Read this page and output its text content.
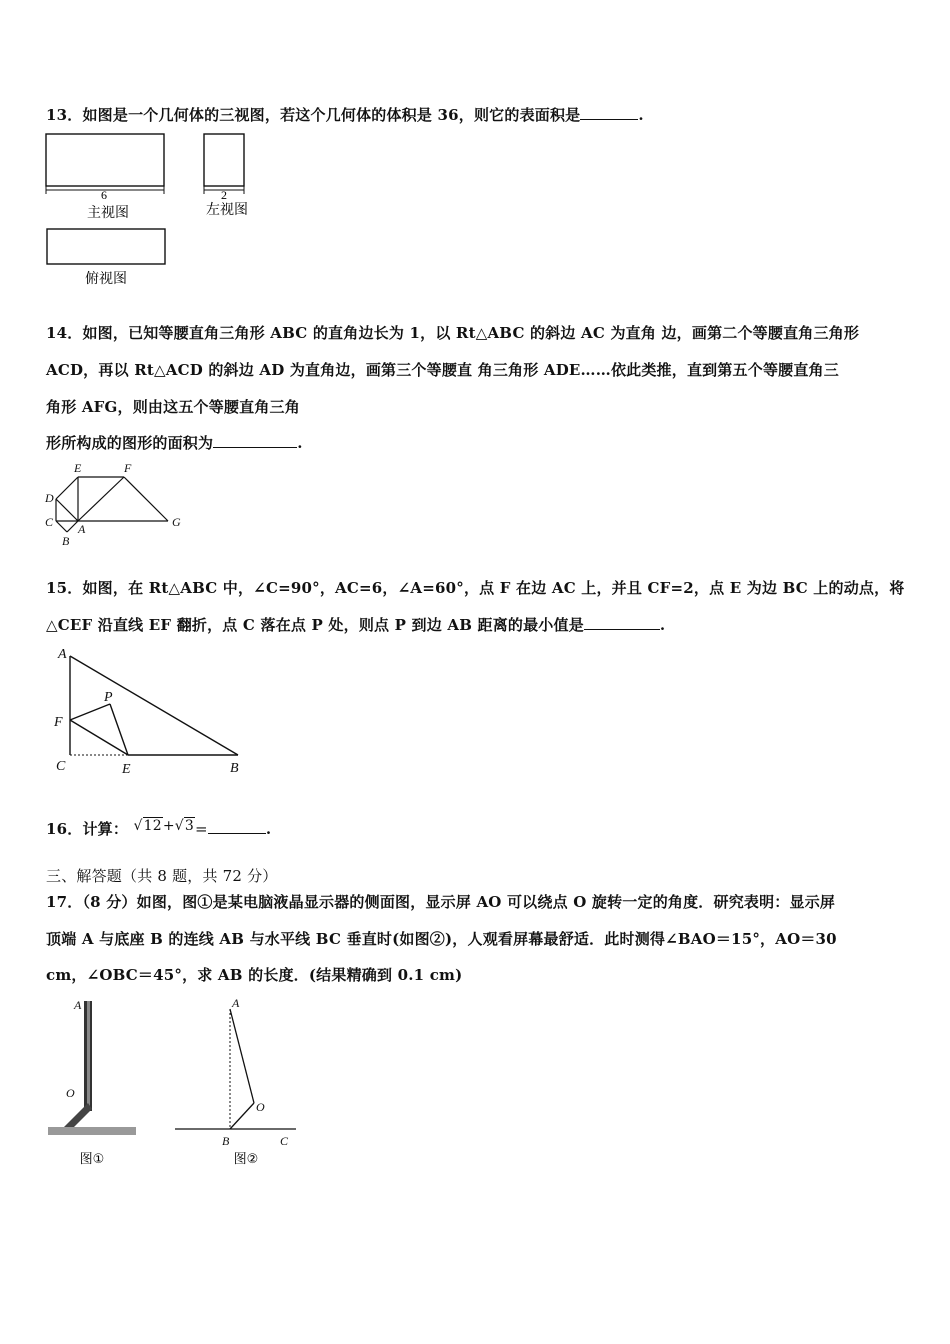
13．如图是一个几何体的三视图，若这个几何体的体积是 36，则它的表面积是	.
6
主视图
2
左视图
俯视图
14．如图，已知等腰直角三角形 ABC 的直角边长为 1，以 Rt△ABC 的斜边 AC 为直角 边，画第二个等腰直角三角形
ACD，再以 Rt△ACD 的斜边 AD 为直角边，画第三个等腰直 角三角形 ADE……依此类推，直到第五个等腰直角三
角形 AFG，则由这五个等腰直角三角
形所构成的图形的面积为	.
E	F
D
C A	G
B
15．如图，在 Rt△ABC 中，∠C=90°，AC=6，∠A=60°，点 F 在边 AC 上，并且 CF=2，点 E 为边 BC 上的动点，将
△CEF 沿直线 EF 翻折，点 C 落在点 P 处，则点 P 到边 AB 距离的最小值是	.
A
P
F
C	E	B
16．计算： √12+√3=	.
三、解答题（共 8 题，共 72 分）
17．（8 分）如图，图①是某电脑液晶显示器的侧面图，显示屏 AO 可以绕点 O 旋转一定的角度．研究表明：显示屏
顶端 A 与底座 B 的连线 AB 与水平线 BC 垂直时(如图②)，人观看屏幕最舒适．此时测得∠BAO＝15°，AO＝30
cm，∠OBC＝45°，求 AB 的长度．(结果精确到 0.1 cm)
A
O
图①
A
O
B	C
图②
